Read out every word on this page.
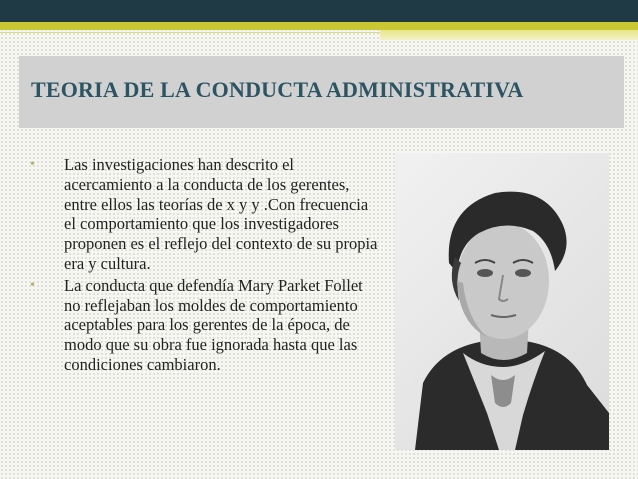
TEORIA DE LA CONDUCTA ADMINISTRATIVA
• Las investigaciones han descrito el acercamiento a la conducta de los gerentes, entre ellos las teorías de x y y .Con frecuencia el comportamiento que los investigadores proponen es el reflejo del contexto de su propia era y cultura.
• La conducta que defendía Mary Parket Follet no reflejaban los moldes de comportamiento aceptables para los gerentes de la época, de modo que su obra fue ignorada hasta que las condiciones cambiaron.
